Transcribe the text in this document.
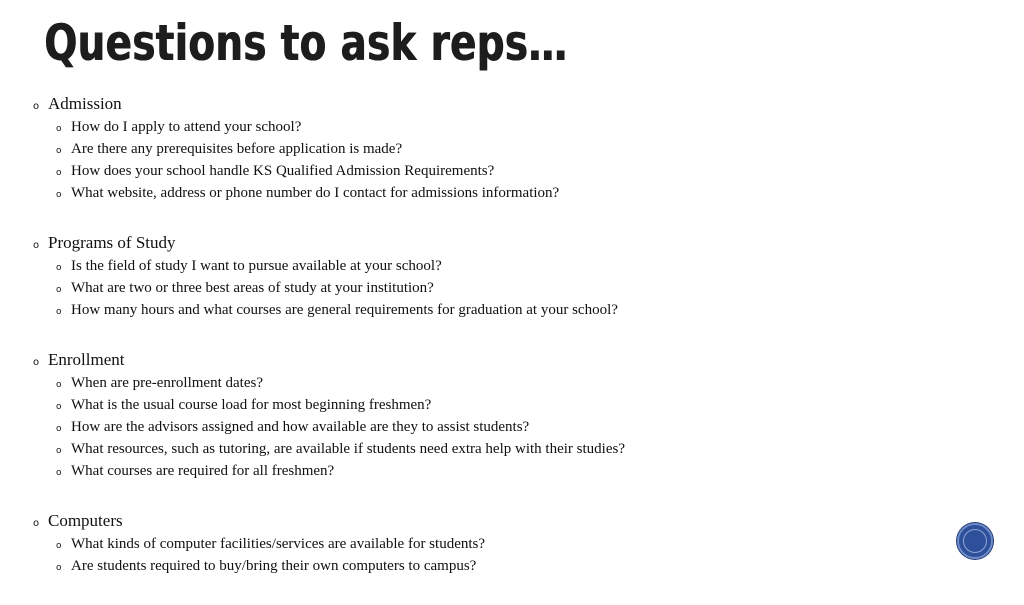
Questions to ask reps…
o Admission
o How do I apply to attend your school?
o Are there any prerequisites before application is made?
o How does your school handle KS Qualified Admission Requirements?
o What website, address or phone number do I contact for admissions information?
o Programs of Study
o Is the field of study I want to pursue available at your school?
o What are two or three best areas of study at your institution?
o How many hours and what courses are general requirements for graduation at your school?
o Enrollment
o When are pre-enrollment dates?
o What is the usual course load for most beginning freshmen?
o How are the advisors assigned and how available are they to assist students?
o What resources, such as tutoring, are available if students need extra help with their studies?
o What courses are required for all freshmen?
o Computers
o What kinds of computer facilities/services are available for students?
o Are students required to buy/bring their own computers to campus?
